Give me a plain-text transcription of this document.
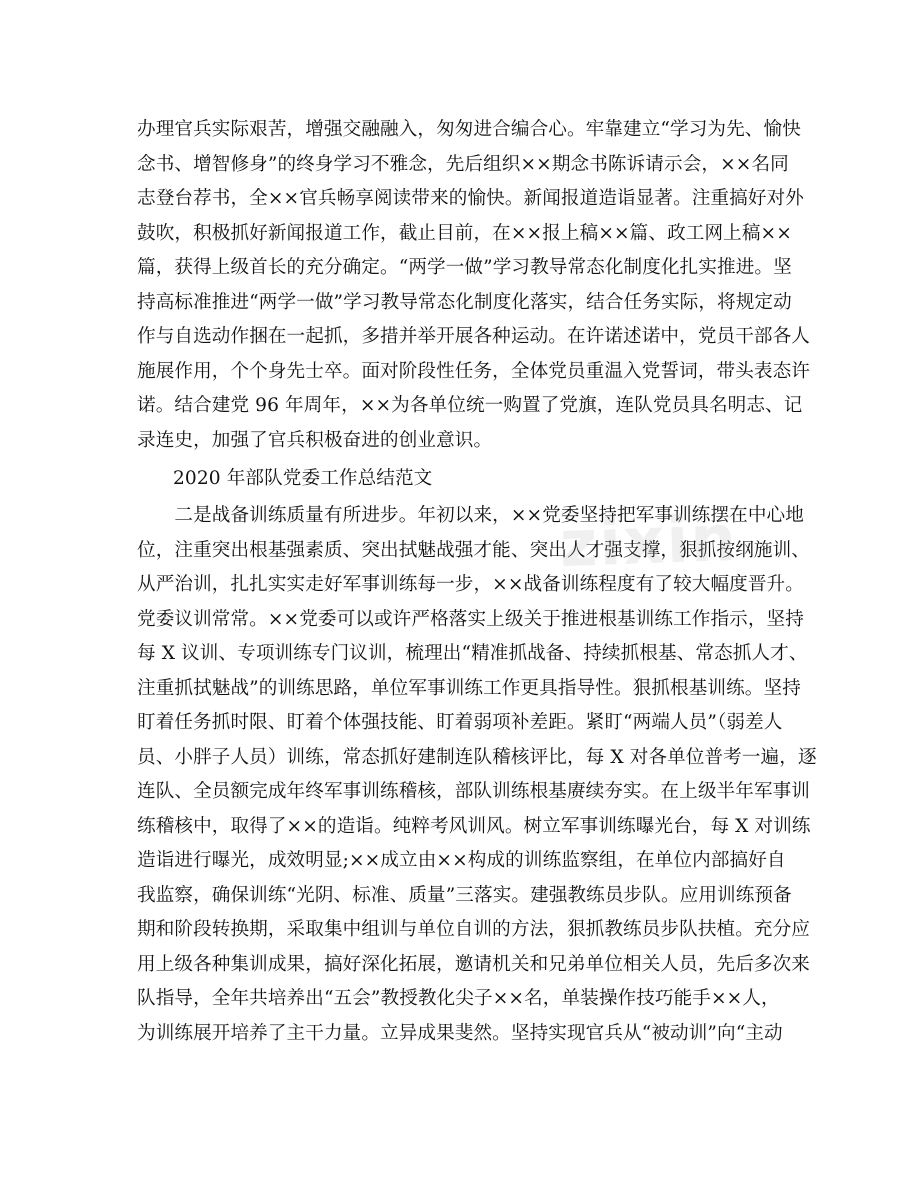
办理官兵实际艰苦，增强交融融入，匆匆进合编合心。牢靠建立“学习为先、愉快
念书、增智修身”的终身学习不雅念，先后组织××期念书陈诉请示会，××名同
志登台荐书，全××官兵畅享阅读带来的愉快。新闻报道造诣显著。注重搞好对外
鼓吹，积极抓好新闻报道工作，截止目前，在××报上稿××篇、政工网上稿××
篇，获得上级首长的充分确定。“两学一做”学习教导常态化制度化扎实推进。坚
持高标准推进“两学一做”学习教导常态化制度化落实，结合任务实际，将规定动
作与自选动作捆在一起抓，多措并举开展各种运动。在许诺述诺中，党员干部各人
施展作用，个个身先士卒。面对阶段性任务，全体党员重温入党誓词，带头表态许
诺。结合建党 96 年周年，××为各单位统一购置了党旗，连队党员具名明志、记
录连史，加强了官兵积极奋进的创业意识。
2020 年部队党委工作总结范文
　　二是战备训练质量有所进步。年初以来，××党委坚持把军事训练摆在中心地
位，注重突出根基强素质、突出拭魅战强才能、突出人才强支撑，狠抓按纲施训、
从严治训，扎扎实实走好军事训练每一步，××战备训练程度有了较大幅度晋升。
党委议训常常。××党委可以或许严格落实上级关于推进根基训练工作指示，坚持
每 X 议训、专项训练专门议训，梳理出“精准抓战备、持续抓根基、常态抓人才、
注重抓拭魅战”的训练思路，单位军事训练工作更具指导性。狠抓根基训练。坚持
盯着任务抓时限、盯着个体强技能、盯着弱项补差距。紧盯“两端人员”（弱差人
员、小胖子人员）训练，常态抓好建制连队稽核评比，每 X 对各单位普考一遍，逐
连队、全员额完成年终军事训练稽核，部队训练根基赓续夯实。在上级半年军事训
练稽核中，取得了××的造诣。纯粹考风训风。树立军事训练曝光台，每 X 对训练
造诣进行曝光，成效明显;××成立由××构成的训练监察组，在单位内部搞好自
我监察，确保训练“光阴、标准、质量”三落实。建强教练员步队。应用训练预备
期和阶段转换期，采取集中组训与单位自训的方法，狠抓教练员步队扶植。充分应
用上级各种集训成果，搞好深化拓展，邀请机关和兄弟单位相关人员，先后多次来
队指导，全年共培养出“五会”教授教化尖子××名，单装操作技巧能手××人，
为训练展开培养了主干力量。立异成果斐然。坚持实现官兵从“被动训”向“主动
zixin
